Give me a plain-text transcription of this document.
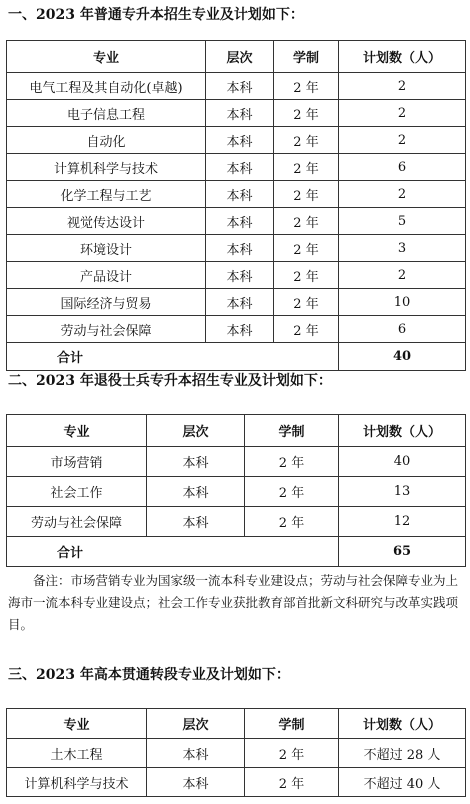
一、2023 年普通专升本招生专业及计划如下：
专业	层次	学制	计划数（人）
电气工程及其自动化(卓越)	本科	2 年	2
电子信息工程	本科	2 年	2
自动化	本科	2 年	2
计算机科学与技术	本科	2 年	6
化学工程与工艺	本科	2 年	2
视觉传达设计	本科	2 年	5
环境设计	本科	2 年	3
产品设计	本科	2 年	2
国际经济与贸易	本科	2 年	10
劳动与社会保障	本科	2 年	6
合计			40
二、2023 年退役士兵专升本招生专业及计划如下：
专业	层次	学制	计划数（人）
市场营销	本科	2 年	40
社会工作	本科	2 年	13
劳动与社会保障	本科	2 年	12
合计			65
备注：市场营销专业为国家级一流本科专业建设点；劳动与社会保障专业为上海市一流本科专业建设点；社会工作专业获批教育部首批新文科研究与改革实践项目。
三、2023 年高本贯通转段专业及计划如下：
专业	层次	学制	计划数（人）
土木工程	本科	2 年	不超过 28 人
计算机科学与技术	本科	2 年	不超过 40 人
